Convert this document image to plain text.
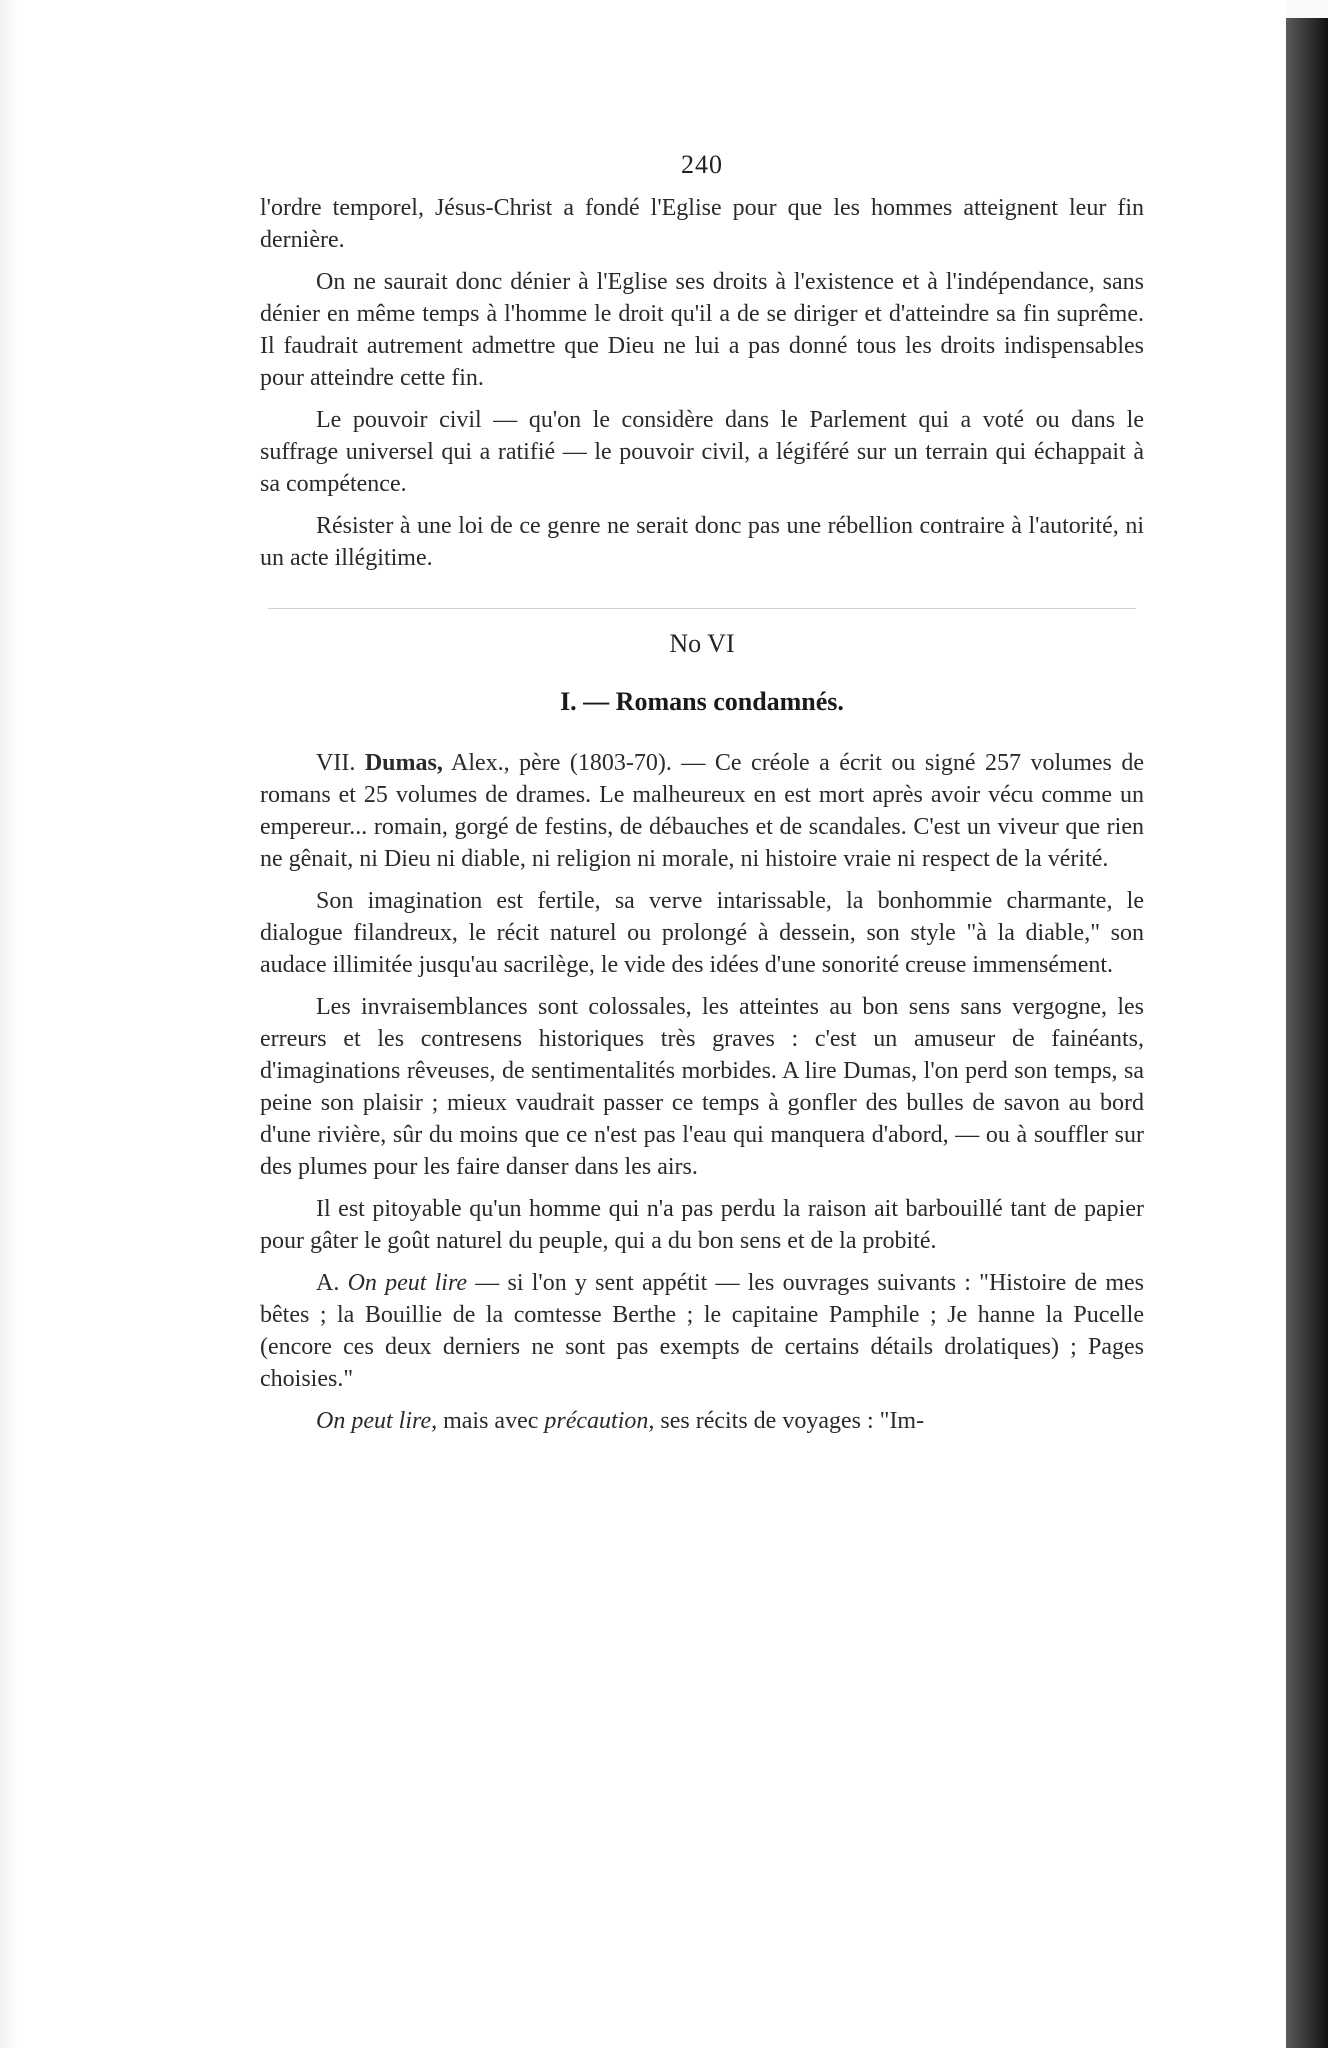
240

l'ordre temporel, Jésus-Christ a fondé l'Eglise pour que les hommes atteignent leur fin dernière.

On ne saurait donc dénier à l'Eglise ses droits à l'existence et à l'indépendance, sans dénier en même temps à l'homme le droit qu'il a de se diriger et d'atteindre sa fin suprême. Il faudrait autrement admettre que Dieu ne lui a pas donné tous les droits indispensables pour atteindre cette fin.

Le pouvoir civil — qu'on le considère dans le Parlement qui a voté ou dans le suffrage universel qui a ratifié — le pouvoir civil, a légiféré sur un terrain qui échappait à sa compétence.

Résister à une loi de ce genre ne serait donc pas une rébellion contraire à l'autorité, ni un acte illégitime.

No VI
I. — Romans condamnés.

VII. Dumas, Alex., père (1803-70). — Ce créole a écrit ou signé 257 volumes de romans et 25 volumes de drames. Le malheureux en est mort après avoir vécu comme un empereur... romain, gorgé de festins, de débauches et de scandales. C'est un viveur que rien ne gênait, ni Dieu ni diable, ni religion ni morale, ni histoire vraie ni respect de la vérité.

Son imagination est fertile, sa verve intarissable, la bonhommie charmante, le dialogue filandreux, le récit naturel ou prolongé à dessein, son style "à la diable," son audace illimitée jusqu'au sacrilège, le vide des idées d'une sonorité creuse immensément.

Les invraisemblances sont colossales, les atteintes au bon sens sans vergogne, les erreurs et les contresens historiques très graves : c'est un amuseur de fainéants, d'imaginations rêveuses, de sentimentalités morbides. A lire Dumas, l'on perd son temps, sa peine son plaisir ; mieux vaudrait passer ce temps à gonfler des bulles de savon au bord d'une rivière, sûr du moins que ce n'est pas l'eau qui manquera d'abord, — ou à souffler sur des plumes pour les faire danser dans les airs.

Il est pitoyable qu'un homme qui n'a pas perdu la raison ait barbouillé tant de papier pour gâter le goût naturel du peuple, qui a du bon sens et de la probité.

A. On peut lire — si l'on y sent appétit — les ouvrages suivants : "Histoire de mes bêtes ; la Bouillie de la comtesse Berthe ; le capitaine Pamphile ; Je hanne la Pucelle (encore ces deux derniers ne sont pas exempts de certains détails drolatiques) ; Pages choisies."

On peut lire, mais avec précaution, ses récits de voyages : "Im-
